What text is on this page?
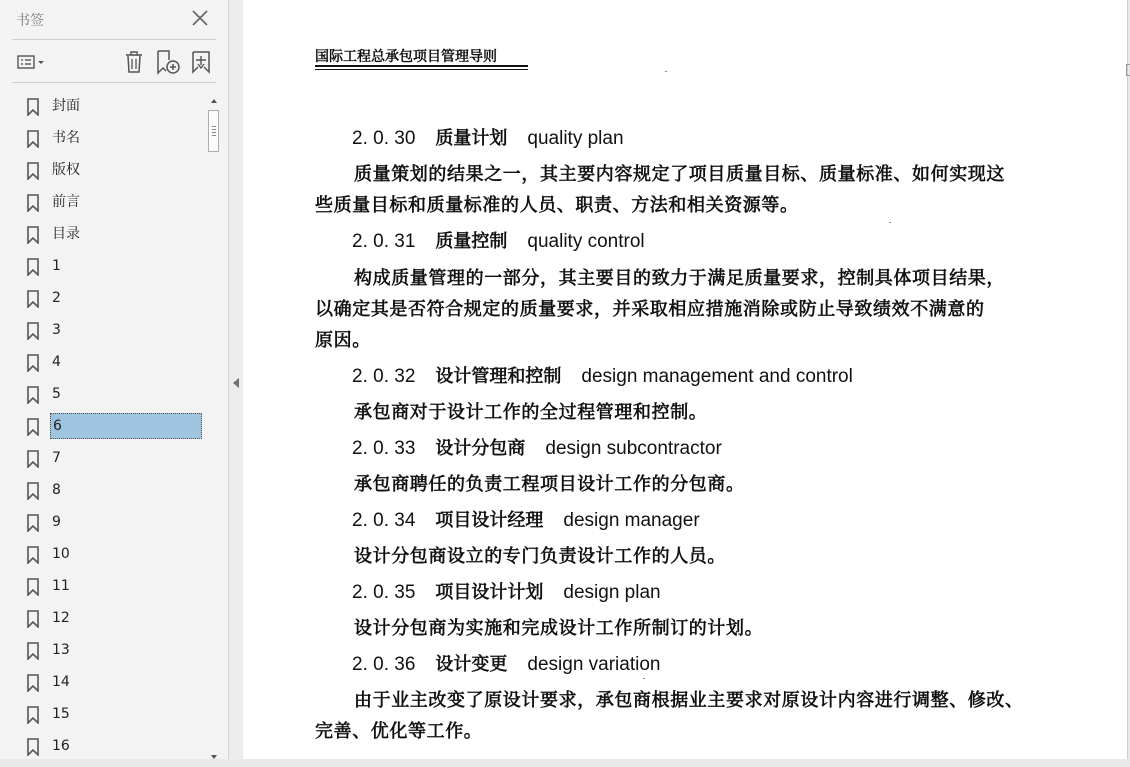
书签
封面
书名
版权
前言
目录
1
2
3
4
5
6
7
8
9
10
11
12
13
14
15
16
国际工程总承包项目管理导则
2. 0. 30 质量计划 quality plan
质量策划的结果之一，其主要内容规定了项目质量目标、质量标准、如何实现这
些质量目标和质量标准的人员、职责、方法和相关资源等。
2. 0. 31 质量控制 quality control
构成质量管理的一部分，其主要目的致力于满足质量要求，控制具体项目结果，
以确定其是否符合规定的质量要求，并采取相应措施消除或防止导致绩效不满意的
原因。
2. 0. 32 设计管理和控制 design management and control
承包商对于设计工作的全过程管理和控制。
2. 0. 33 设计分包商 design subcontractor
承包商聘任的负责工程项目设计工作的分包商。
2. 0. 34 项目设计经理 design manager
设计分包商设立的专门负责设计工作的人员。
2. 0. 35 项目设计计划 design plan
设计分包商为实施和完成设计工作所制订的计划。
2. 0. 36 设计变更 design variation
由于业主改变了原设计要求，承包商根据业主要求对原设计内容进行调整、修改、
完善、优化等工作。
